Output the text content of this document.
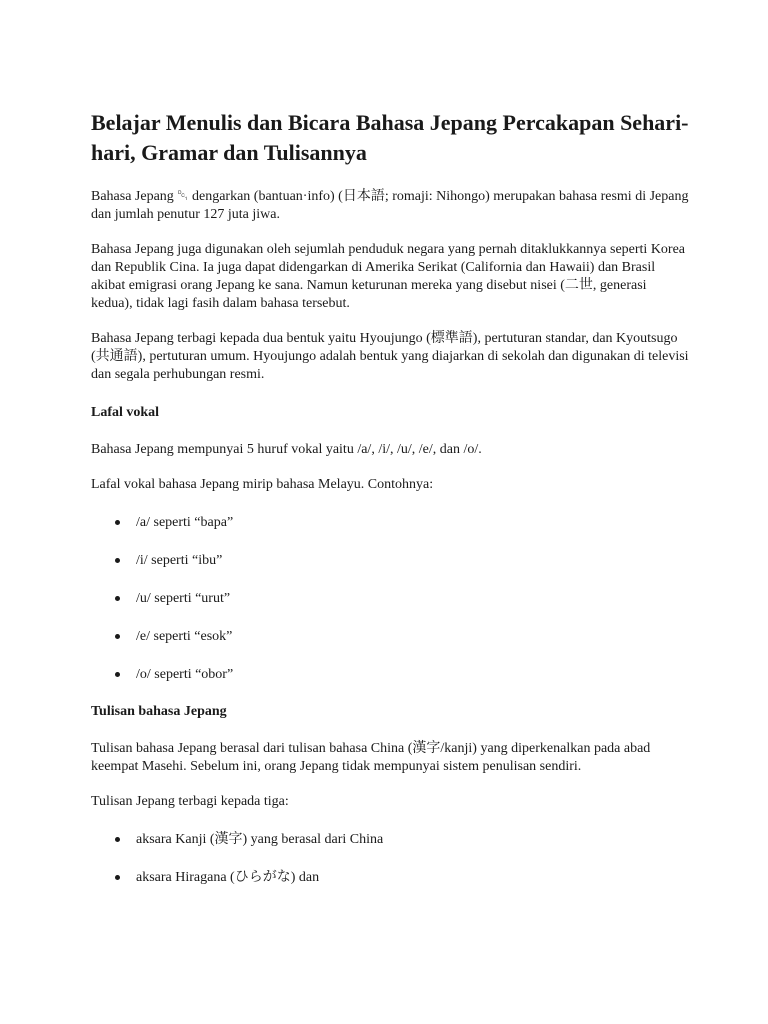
Belajar Menulis dan Bicara Bahasa Jepang Percakapan Sehari-hari, Gramar dan Tulisannya

Bahasa Jepang ␑ dengarkan (bantuan·info) (日本語; romaji: Nihongo) merupakan bahasa resmi di Jepang dan jumlah penutur 127 juta jiwa.

Bahasa Jepang juga digunakan oleh sejumlah penduduk negara yang pernah ditaklukkannya seperti Korea dan Republik Cina. Ia juga dapat didengarkan di Amerika Serikat (California dan Hawaii) dan Brasil akibat emigrasi orang Jepang ke sana. Namun keturunan mereka yang disebut nisei (二世, generasi kedua), tidak lagi fasih dalam bahasa tersebut.

Bahasa Jepang terbagi kepada dua bentuk yaitu Hyoujungo (標準語), pertuturan standar, dan Kyoutsugo (共通語), pertuturan umum. Hyoujungo adalah bentuk yang diajarkan di sekolah dan digunakan di televisi dan segala perhubungan resmi.

Lafal vokal

Bahasa Jepang mempunyai 5 huruf vokal yaitu /a/, /i/, /u/, /e/, dan /o/.

Lafal vokal bahasa Jepang mirip bahasa Melayu. Contohnya:

/a/ seperti “bapa”
/i/ seperti “ibu”
/u/ seperti “urut”
/e/ seperti “esok”
/o/ seperti “obor”
Tulisan bahasa Jepang

Tulisan bahasa Jepang berasal dari tulisan bahasa China (漢字/kanji) yang diperkenalkan pada abad keempat Masehi. Sebelum ini, orang Jepang tidak mempunyai sistem penulisan sendiri.

Tulisan Jepang terbagi kepada tiga:

aksara Kanji (漢字) yang berasal dari China
aksara Hiragana (ひらがな) dan
